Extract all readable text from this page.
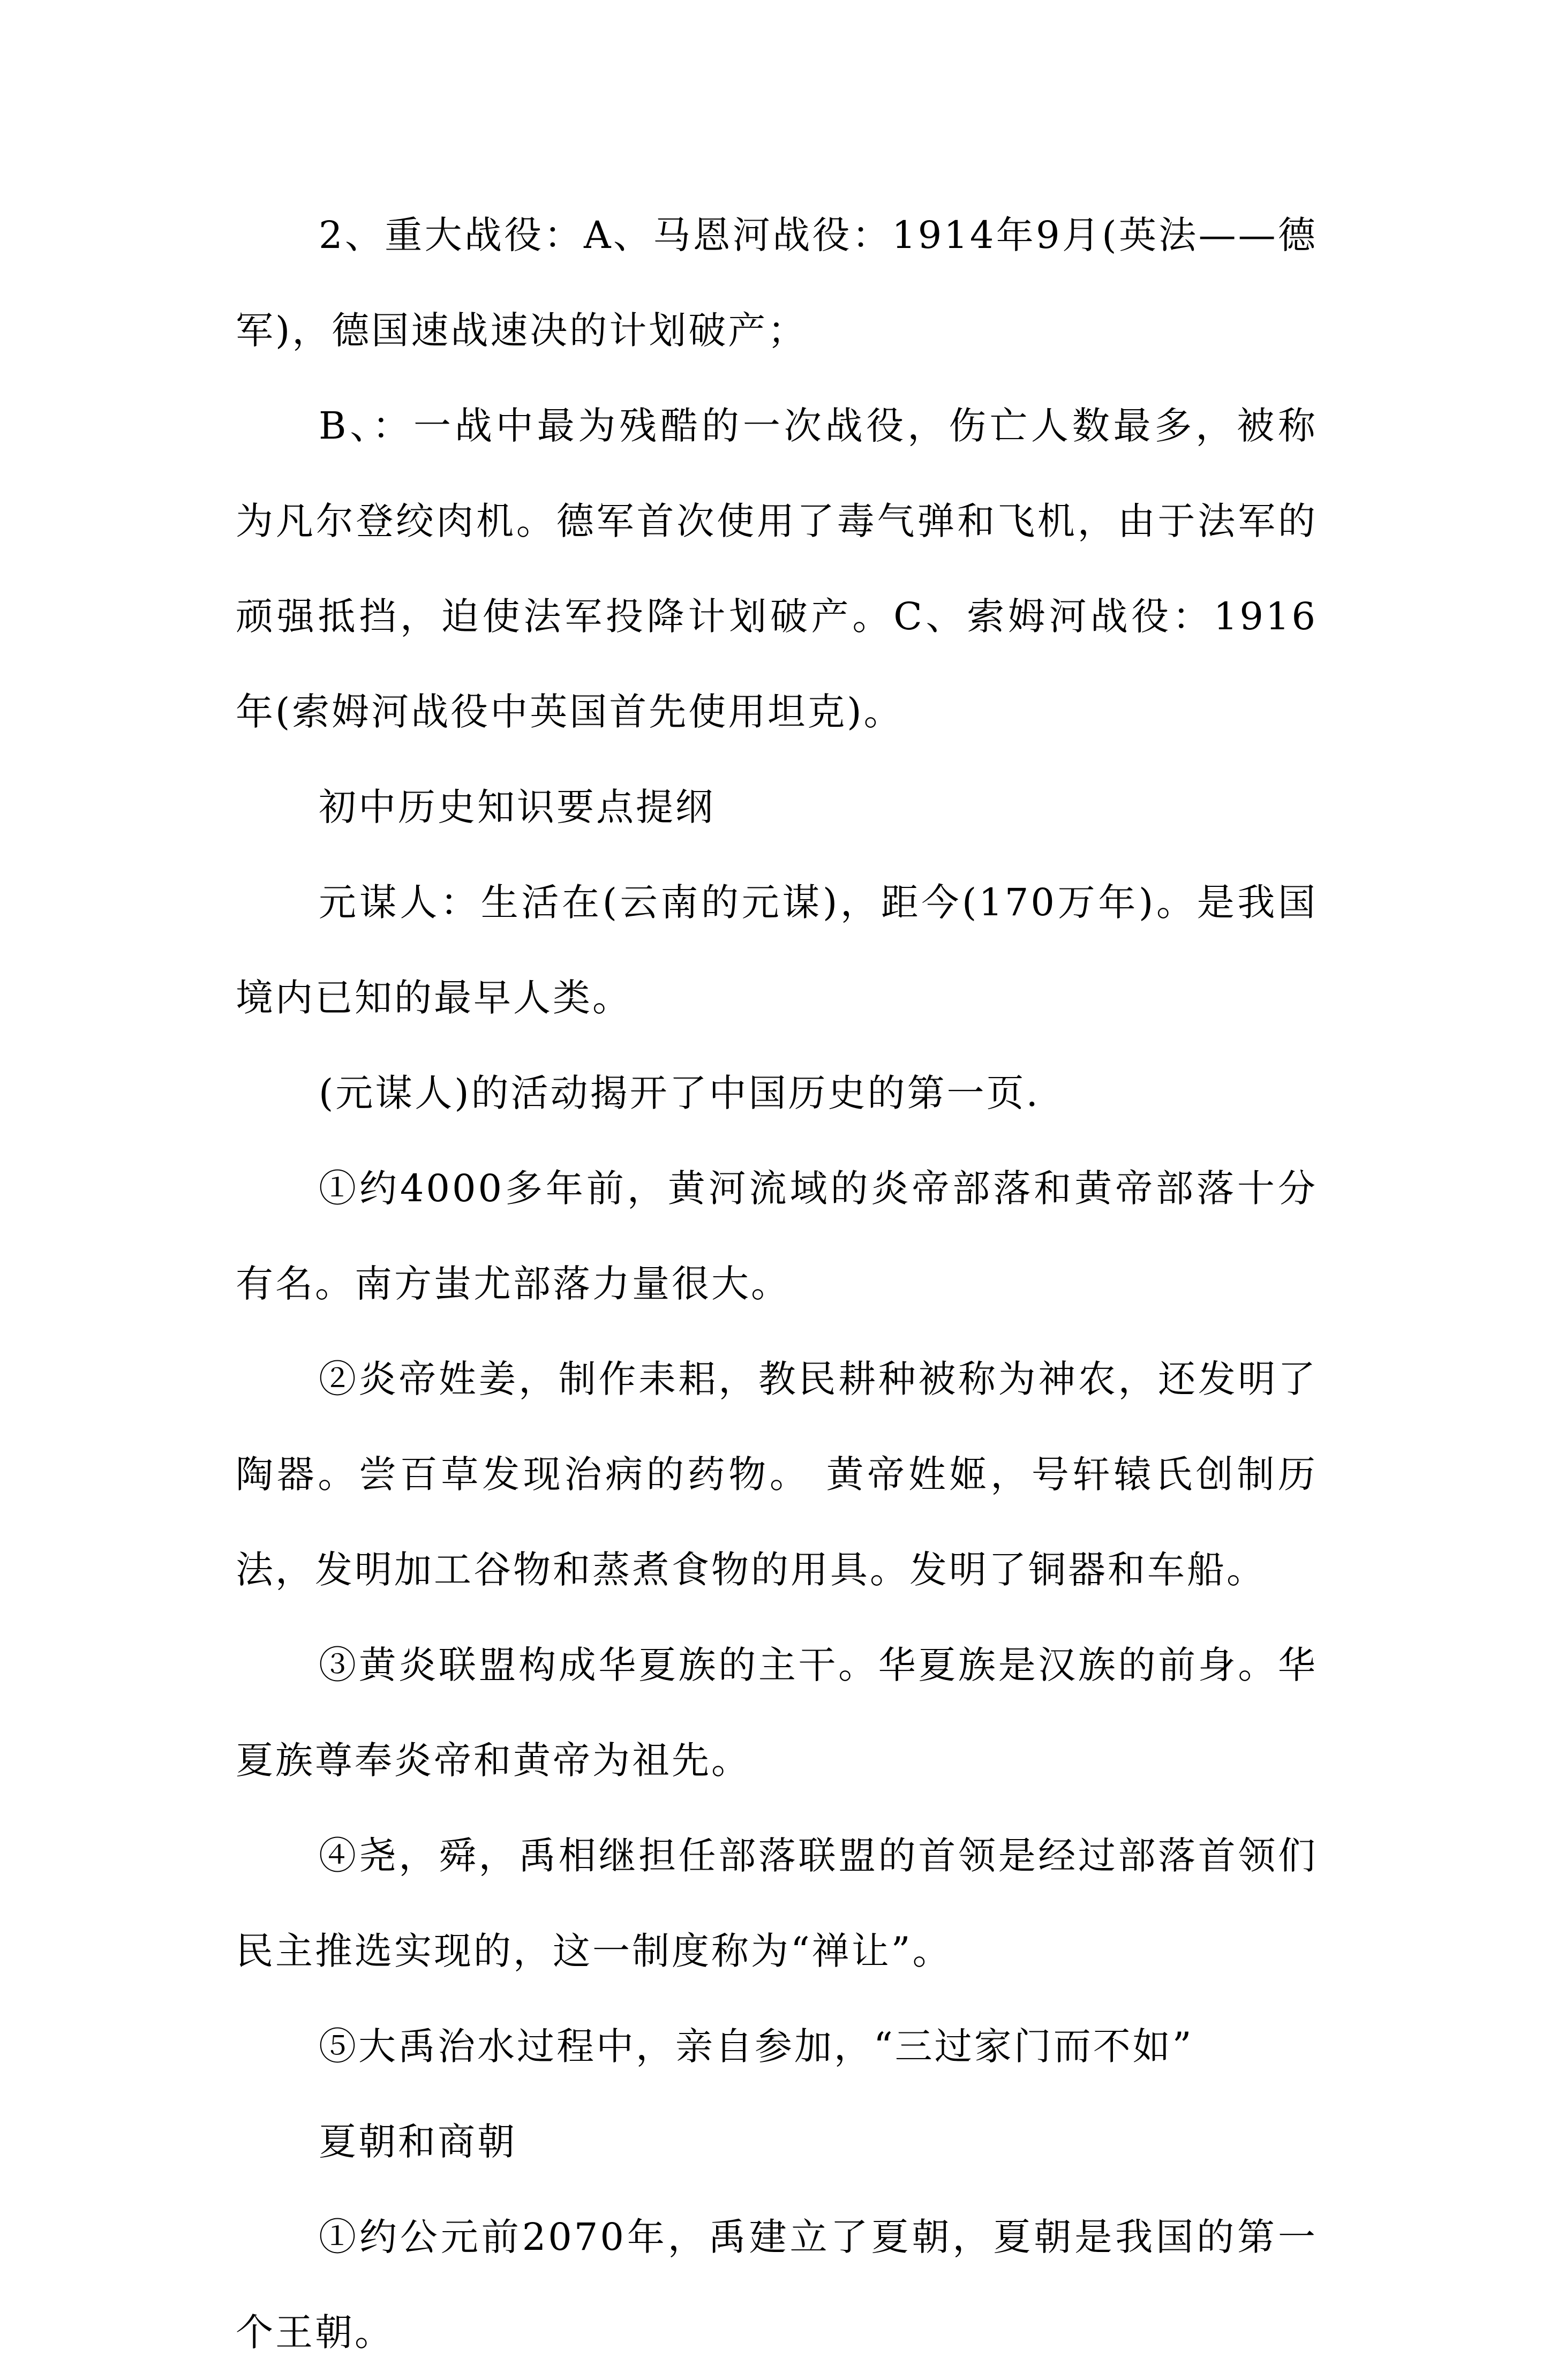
2、重大战役：A、马恩河战役：1914年9月(英法——德军)，德国速战速决的计划破产；

B、：一战中最为残酷的一次战役，伤亡人数最多，被称为凡尔登绞肉机。德军首次使用了毒气弹和飞机，由于法军的顽强抵挡，迫使法军投降计划破产。C、索姆河战役：1916年(索姆河战役中英国首先使用坦克)。

初中历史知识要点提纲

元谋人：生活在(云南的元谋)，距今(170万年)。是我国境内已知的最早人类。

(元谋人)的活动揭开了中国历史的第一页.

①约4000多年前，黄河流域的炎帝部落和黄帝部落十分有名。南方蚩尤部落力量很大。

②炎帝姓姜，制作耒耜，教民耕种被称为神农，还发明了陶器。尝百草发现治病的药物。 黄帝姓姬，号轩辕氏创制历法，发明加工谷物和蒸煮食物的用具。发明了铜器和车船。

③黄炎联盟构成华夏族的主干。华夏族是汉族的前身。华夏族尊奉炎帝和黄帝为祖先。

④尧，舜，禹相继担任部落联盟的首领是经过部落首领们民主推选实现的，这一制度称为“禅让”。

⑤大禹治水过程中，亲自参加，“三过家门而不如”

夏朝和商朝

①约公元前2070年，禹建立了夏朝，夏朝是我国的第一个王朝。
